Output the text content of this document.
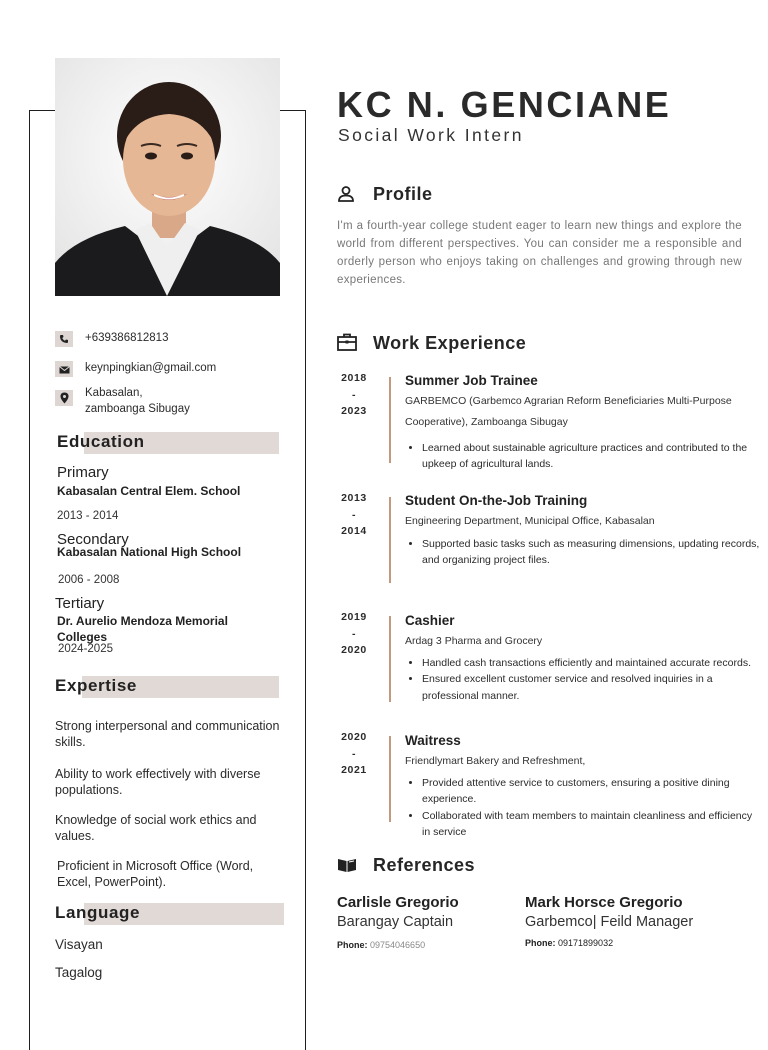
+639386812813
keynpingkian@gmail.com
Kabasalan,
zamboanga Sibugay
Education
Primary
Kabasalan Central Elem. School
2013 - 2014
Secondary
Kabasalan National High School
2006 - 2008
Tertiary
Dr. Aurelio Mendoza Memorial Colleges
2024-2025
Expertise
Strong interpersonal and communication skills.
Ability to work effectively with diverse populations.
Knowledge of social work ethics and values.
Proficient in Microsoft Office (Word, Excel, PowerPoint).
Language
Visayan
Tagalog
KC N. GENCIANE
Social Work Intern
Profile
I'm a fourth-year college student eager to learn new things and explore the world from different perspectives. You can consider me a responsible and orderly person who enjoys taking on challenges and growing through new experiences.
Work Experience
2018
-
2023
Summer Job Trainee
GARBEMCO (Garbemco Agrarian Reform Beneficiaries Multi-Purpose Cooperative), Zamboanga Sibugay
• Learned about sustainable agriculture practices and contributed to the upkeep of agricultural lands.
2013
-
2014
Student On-the-Job Training
Engineering Department, Municipal Office, Kabasalan
• Supported basic tasks such as measuring dimensions, updating records, and organizing project files.
2019
-
2020
Cashier
Ardag 3 Pharma and Grocery
• Handled cash transactions efficiently and maintained accurate records.
• Ensured excellent customer service and resolved inquiries in a professional manner.
2020
-
2021
Waitress
Friendlymart Bakery and Refreshment,
• Provided attentive service to customers, ensuring a positive dining experience.
• Collaborated with team members to maintain cleanliness and efficiency in service
References
Carlisle Gregorio
Barangay Captain
Phone: 09754046650
Mark Horsce Gregorio
Garbemco| Feild Manager
Phone: 09171899032
